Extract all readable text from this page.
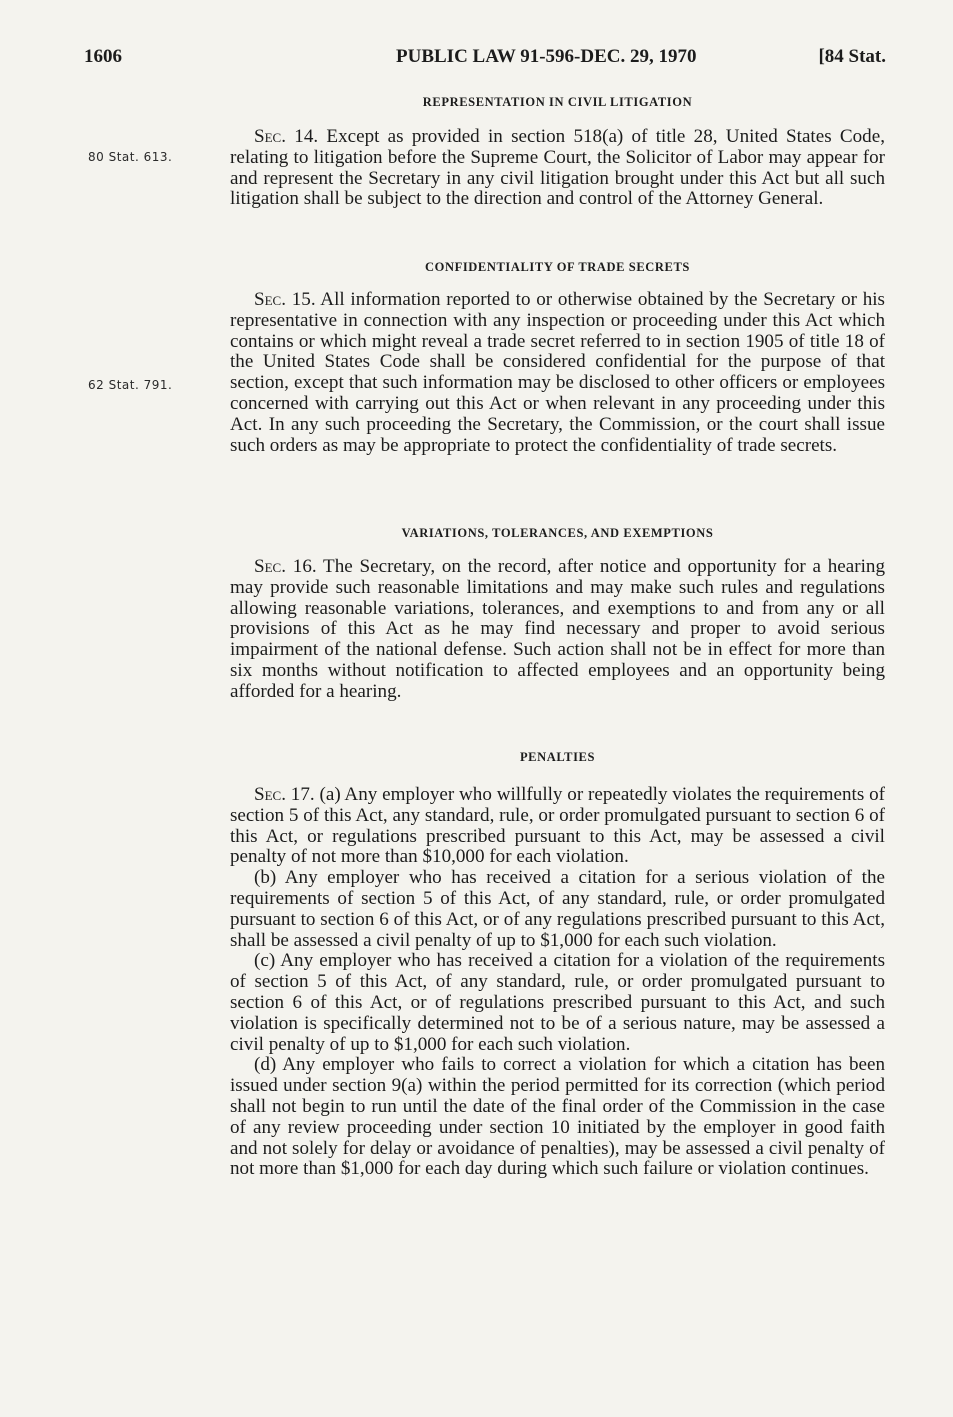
1606	PUBLIC LAW 91-596-DEC. 29, 1970	[84 Stat.
80 Stat. 613.
62 Stat. 791.
REPRESENTATION IN CIVIL LITIGATION

Sec. 14. Except as provided in section 518(a) of title 28, United States Code, relating to litigation before the Supreme Court, the Solicitor of Labor may appear for and represent the Secretary in any civil litigation brought under this Act but all such litigation shall be subject to the direction and control of the Attorney General.

CONFIDENTIALITY OF TRADE SECRETS

Sec. 15. All information reported to or otherwise obtained by the Secretary or his representative in connection with any inspection or proceeding under this Act which contains or which might reveal a trade secret referred to in section 1905 of title 18 of the United States Code shall be considered confidential for the purpose of that section, except that such information may be disclosed to other officers or employees concerned with carrying out this Act or when relevant in any proceeding under this Act. In any such proceeding the Secretary, the Commission, or the court shall issue such orders as may be appropriate to protect the confidentiality of trade secrets.

VARIATIONS, TOLERANCES, AND EXEMPTIONS

Sec. 16. The Secretary, on the record, after notice and opportunity for a hearing may provide such reasonable limitations and may make such rules and regulations allowing reasonable variations, tolerances, and exemptions to and from any or all provisions of this Act as he may find necessary and proper to avoid serious impairment of the national defense. Such action shall not be in effect for more than six months without notification to affected employees and an opportunity being afforded for a hearing.

PENALTIES

Sec. 17. (a) Any employer who willfully or repeatedly violates the requirements of section 5 of this Act, any standard, rule, or order promulgated pursuant to section 6 of this Act, or regulations prescribed pursuant to this Act, may be assessed a civil penalty of not more than $10,000 for each violation.

(b) Any employer who has received a citation for a serious violation of the requirements of section 5 of this Act, of any standard, rule, or order promulgated pursuant to section 6 of this Act, or of any regulations prescribed pursuant to this Act, shall be assessed a civil penalty of up to $1,000 for each such violation.

(c) Any employer who has received a citation for a violation of the requirements of section 5 of this Act, of any standard, rule, or order promulgated pursuant to section 6 of this Act, or of regulations prescribed pursuant to this Act, and such violation is specifically determined not to be of a serious nature, may be assessed a civil penalty of up to $1,000 for each such violation.

(d) Any employer who fails to correct a violation for which a citation has been issued under section 9(a) within the period permitted for its correction (which period shall not begin to run until the date of the final order of the Commission in the case of any review proceeding under section 10 initiated by the employer in good faith and not solely for delay or avoidance of penalties), may be assessed a civil penalty of not more than $1,000 for each day during which such failure or violation continues.
